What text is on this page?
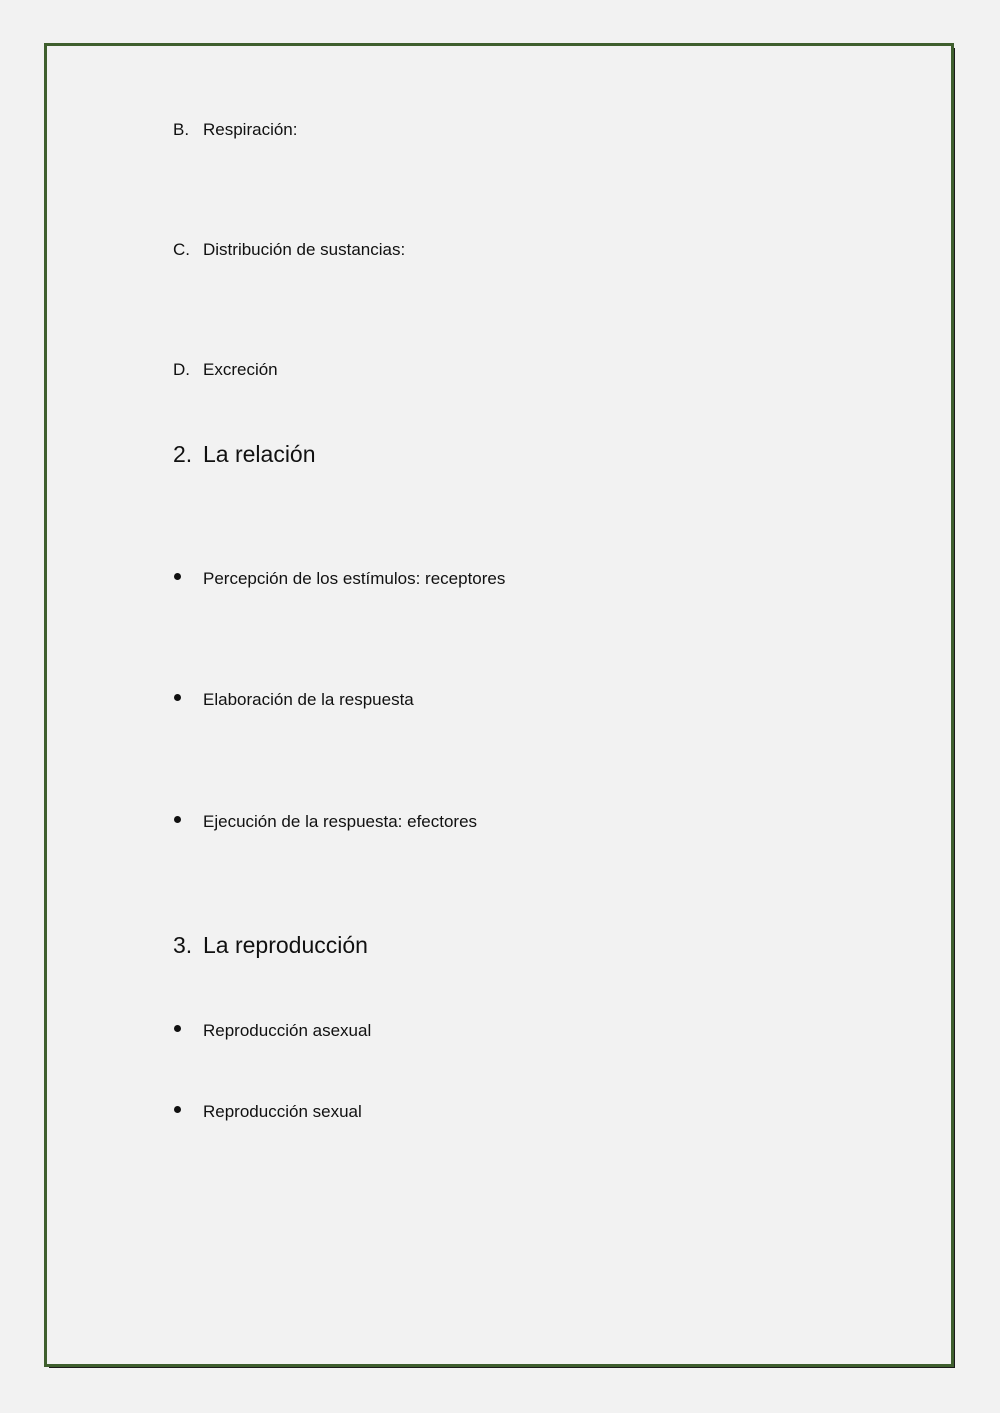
B. Respiración:
C. Distribución de sustancias:
D. Excreción
2. La relación
Percepción de los estímulos: receptores
Elaboración de la respuesta
Ejecución de la respuesta: efectores
3. La reproducción
Reproducción asexual
Reproducción sexual
